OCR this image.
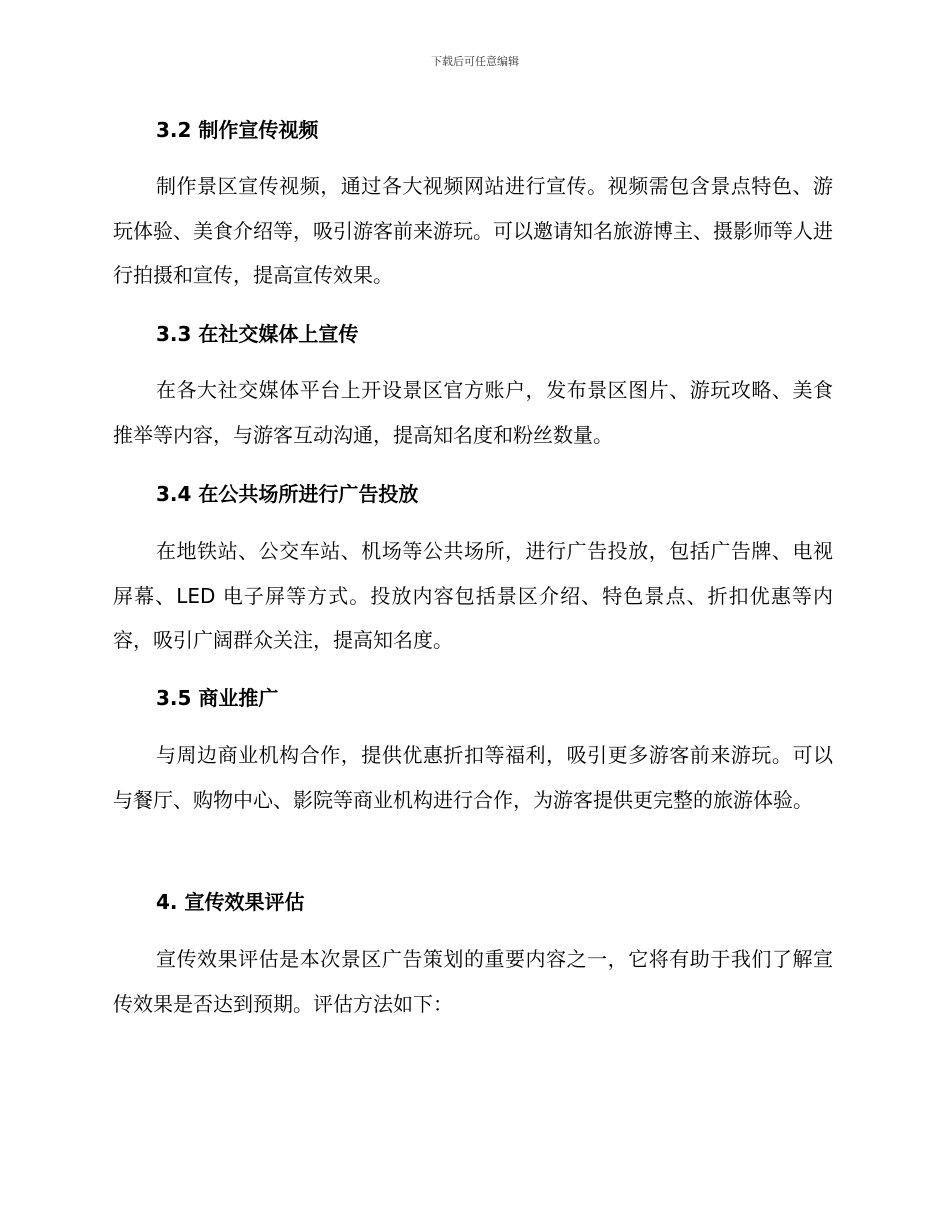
下载后可任意编辑
3.2 制作宣传视频

制作景区宣传视频，通过各大视频网站进行宣传。视频需包含景点特色、游玩体验、美食介绍等，吸引游客前来游玩。可以邀请知名旅游博主、摄影师等人进行拍摄和宣传，提高宣传效果。

3.3 在社交媒体上宣传

在各大社交媒体平台上开设景区官方账户，发布景区图片、游玩攻略、美食推举等内容，与游客互动沟通，提高知名度和粉丝数量。

3.4 在公共场所进行广告投放

在地铁站、公交车站、机场等公共场所，进行广告投放，包括广告牌、电视屏幕、LED 电子屏等方式。投放内容包括景区介绍、特色景点、折扣优惠等内容，吸引广阔群众关注，提高知名度。

3.5 商业推广

与周边商业机构合作，提供优惠折扣等福利，吸引更多游客前来游玩。可以与餐厅、购物中心、影院等商业机构进行合作，为游客提供更完整的旅游体验。

4. 宣传效果评估

宣传效果评估是本次景区广告策划的重要内容之一，它将有助于我们了解宣传效果是否达到预期。评估方法如下：
